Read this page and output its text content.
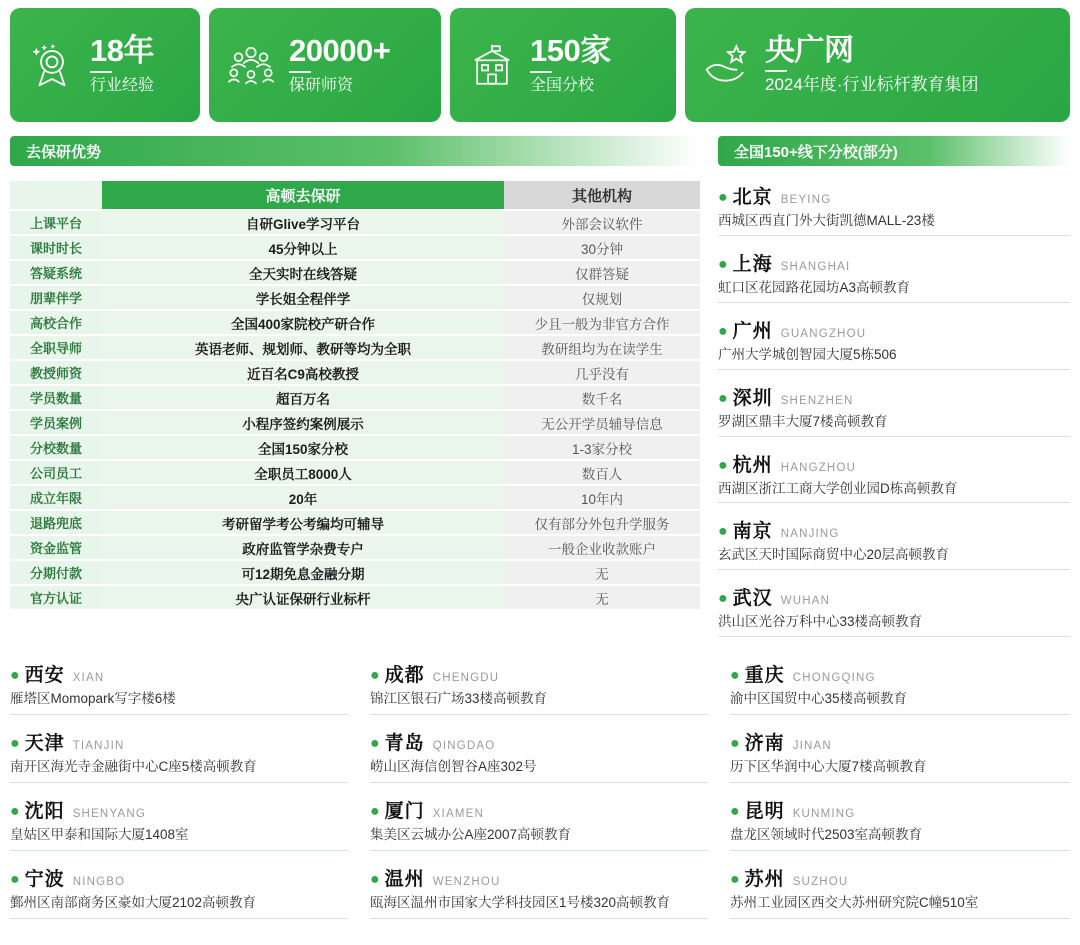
18年
行业经验
20000+
保研师资
150家
全国分校
央广网
2024年度·行业标杆教育集团
去保研优势
	高顿去保研	其他机构
上课平台	自研Glive学习平台	外部会议软件
课时时长	45分钟以上	30分钟
答疑系统	全天实时在线答疑	仅群答疑
朋辈伴学	学长姐全程伴学	仅规划
高校合作	全国400家院校产研合作	少且一般为非官方合作
全职导师	英语老师、规划师、教研等均为全职	教研组均为在读学生
教授师资	近百名C9高校教授	几乎没有
学员数量	超百万名	数千名
学员案例	小程序签约案例展示	无公开学员辅导信息
分校数量	全国150家分校	1-3家分校
公司员工	全职员工8000人	数百人
成立年限	20年	10年内
退路兜底	考研留学考公考编均可辅导	仅有部分外包升学服务
资金监管	政府监管学杂费专户	一般企业收款账户
分期付款	可12期免息金融分期	无
官方认证	央广认证保研行业标杆	无
全国150+线下分校(部分)
● 北京 BEYING
西城区西直门外大街凯德MALL-23楼
● 上海 SHANGHAI
虹口区花园路花园坊A3高顿教育
● 广州 GUANGZHOU
广州大学城创智园大厦5栋506
● 深圳 SHENZHEN
罗湖区鼎丰大厦7楼高顿教育
● 杭州 HANGZHOU
西湖区浙江工商大学创业园D栋高顿教育
● 南京 NANJING
玄武区天时国际商贸中心20层高顿教育
● 武汉 WUHAN
洪山区光谷万科中心33楼高顿教育
● 西安 XIAN
雁塔区Momopark写字楼6楼
● 天津 TIANJIN
南开区海光寺金融街中心C座5楼高顿教育
● 沈阳 SHENYANG
皇姑区甲泰和国际大厦1408室
● 宁波 NINGBO
鄞州区南部商务区豪如大厦2102高顿教育
● 成都 CHENGDU
锦江区银石广场33楼高顿教育
● 青岛 QINGDAO
崂山区海信创智谷A座302号
● 厦门 XIAMEN
集美区云城办公A座2007高顿教育
● 温州 WENZHOU
瓯海区温州市国家大学科技园区1号楼320高顿教育
● 重庆 CHONGQING
渝中区国贸中心35楼高顿教育
● 济南 JINAN
历下区华润中心大厦7楼高顿教育
● 昆明 KUNMING
盘龙区领域时代2503室高顿教育
● 苏州 SUZHOU
苏州工业园区西交大苏州研究院C幢510室
